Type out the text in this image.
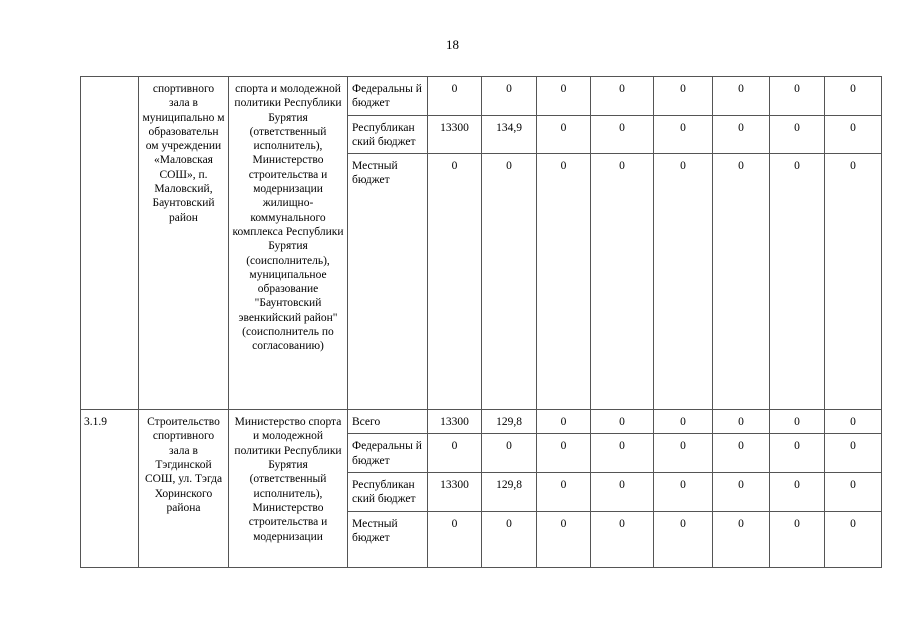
18
	спортивного зала в муниципально м образовательн ом учреждении «Маловская СОШ», п. Маловский, Баунтовский район	спорта и молодежной политики Республики Бурятия (ответственный исполнитель), Министерство строительства и модернизации жилищно-коммунального комплекса Республики Бурятия (соисполнитель), муниципальное образование "Баунтовский эвенкийский район" (соисполнитель по согласованию)	Федеральны й бюджет	0	0	0	0	0	0	0	0
			Республикан ский бюджет	13300	134,9	0	0	0	0	0	0
			Местный бюджет	0	0	0	0	0	0	0	0
3.1.9	Строительство спортивного зала в Тэгдинской СОШ, ул. Тэгда Хоринского района	Министерство спорта и молодежной политики Республики Бурятия (ответственный исполнитель), Министерство строительства и модернизации	Всего	13300	129,8	0	0	0	0	0	0
			Федеральны й бюджет	0	0	0	0	0	0	0	0
			Республикан ский бюджет	13300	129,8	0	0	0	0	0	0
			Местный бюджет	0	0	0	0	0	0	0	0
